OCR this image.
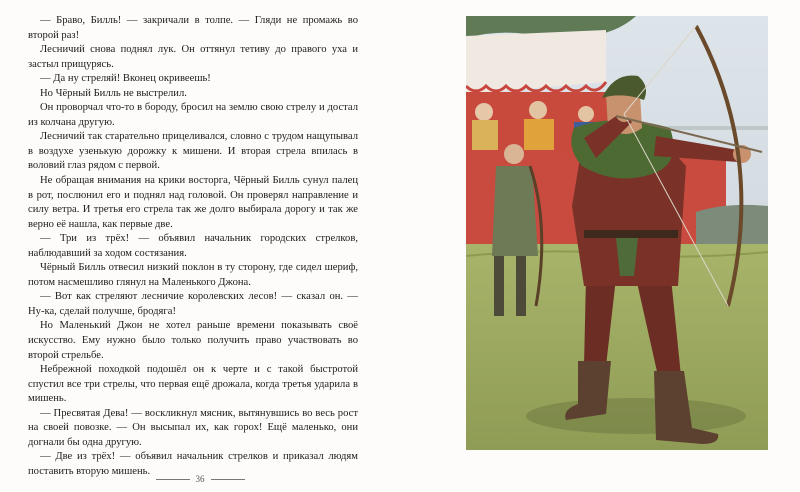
— Браво, Билль! — закричали в толпе. — Гляди не промажь во второй раз!

Лесничий снова поднял лук. Он оттянул тетиву до правого уха и застыл прищурясь.

— Да ну стреляй! Вконец окривеешь!

Но Чёрный Билль не выстрелил.

Он проворчал что-то в бороду, бросил на землю свою стрелу и достал из колчана другую.

Лесничий так старательно прицеливался, словно с трудом нащупывал в воздухе узенькую дорожку к мишени. И вторая стрела впилась в воловий глаз рядом с первой.

Не обращая внимания на крики восторга, Чёрный Билль сунул палец в рот, послюнил его и поднял над головой. Он проверял направление и силу ветра. И третья его стрела так же долго выбирала дорогу и так же верно её нашла, как первые две.

— Три из трёх! — объявил начальник городских стрелков, наблюдавший за ходом состязания.

Чёрный Билль отвесил низкий поклон в ту сторону, где сидел шериф, потом насмешливо глянул на Маленького Джона.

— Вот как стреляют лесничие королевских лесов! — сказал он. — Ну-ка, сделай получше, бродяга!

Но Маленький Джон не хотел раньше времени показывать своё искусство. Ему нужно было только получить право участвовать во второй стрельбе.

Небрежной походкой подошёл он к черте и с такой быстротой спустил все три стрелы, что первая ещё дрожала, когда третья ударила в мишень.

— Пресвятая Дева! — воскликнул мясник, вытянувшись во весь рост на своей повозке. — Он высыпал их, как горох! Ещё маленько, они догнали бы одна другую.

— Две из трёх! — объявил начальник стрелков и приказал людям поставить вторую мишень.

36
